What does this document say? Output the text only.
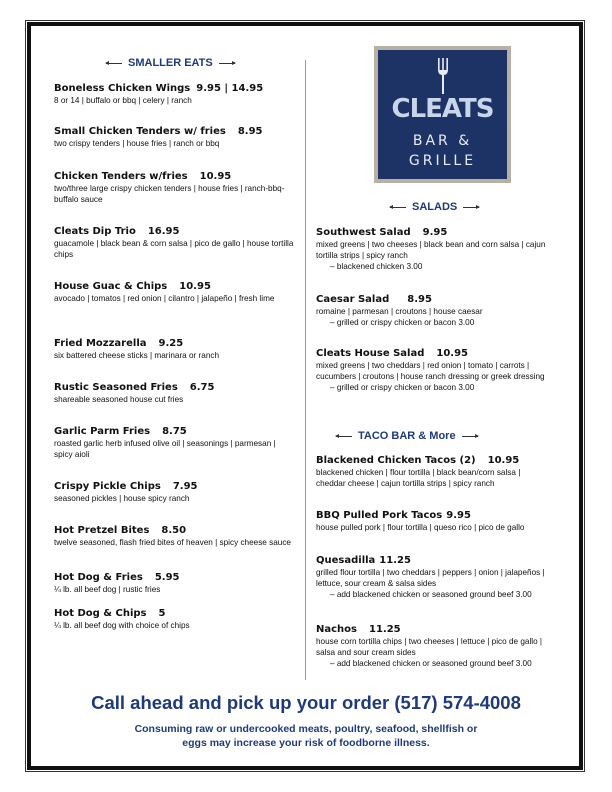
SMALLER EATS
Boneless Chicken Wings 9.95 | 14.95
8 or 14 | buffalo or bbq | celery | ranch
Small Chicken Tenders w/ fries 8.95
two crispy tenders | house fries | ranch or bbq
Chicken Tenders w/fries 10.95
two/three large crispy chicken tenders | house fries | ranch-bbq-buffalo sauce
Cleats Dip Trio 16.95
guacamole | black bean & corn salsa | pico de gallo | house tortilla chips
House Guac & Chips 10.95
avocado | tomatos | red onion | cilantro | jalapeño | fresh lime
Fried Mozzarella 9.25
six battered cheese sticks | marinara or ranch
Rustic Seasoned Fries 6.75
shareable seasoned house cut fries
Garlic Parm Fries 8.75
roasted garlic herb infused olive oil | seasonings | parmesan | spicy aioli
Crispy Pickle Chips 7.95
seasoned pickles | house spicy ranch
Hot Pretzel Bites 8.50
twelve seasoned, flash fried bites of heaven | spicy cheese sauce
Hot Dog & Fries 5.95
¼ lb. all beef dog | rustic fries
Hot Dog & Chips 5
¼ lb. all beef dog with choice of chips
CLEATS
BAR &
GRILLE
SALADS
Southwest Salad 9.95
mixed greens | two cheeses | black bean and corn salsa | cajun tortilla strips | spicy ranch
– blackened chicken 3.00
Caesar Salad 8.95
romaine | parmesan | croutons | house caesar
– grilled or crispy chicken or bacon 3.00
Cleats House Salad 10.95
mixed greens | two cheddars | red onion | tomato | carrots | cucumbers | croutons | house ranch dressing or greek dressing
– grilled or crispy chicken or bacon 3.00
TACO BAR & More
Blackened Chicken Tacos (2) 10.95
blackened chicken | flour tortilla | black bean/corn salsa | cheddar cheese | cajun tortilla strips | spicy ranch
BBQ Pulled Pork Tacos 9.95
house pulled pork | flour tortilla | queso rico | pico de gallo
Quesadilla 11.25
grilled flour tortilla | two cheddars | peppers | onion | jalapeños | lettuce, sour cream & salsa sides
– add blackened chicken or seasoned ground beef 3.00
Nachos 11.25
house corn tortilla chips | two cheeses | lettuce | pico de gallo | salsa and sour cream sides
– add blackened chicken or seasoned ground beef 3.00
Call ahead and pick up your order (517) 574-4008
Consuming raw or undercooked meats, poultry, seafood, shellfish or
eggs may increase your risk of foodborne illness.
